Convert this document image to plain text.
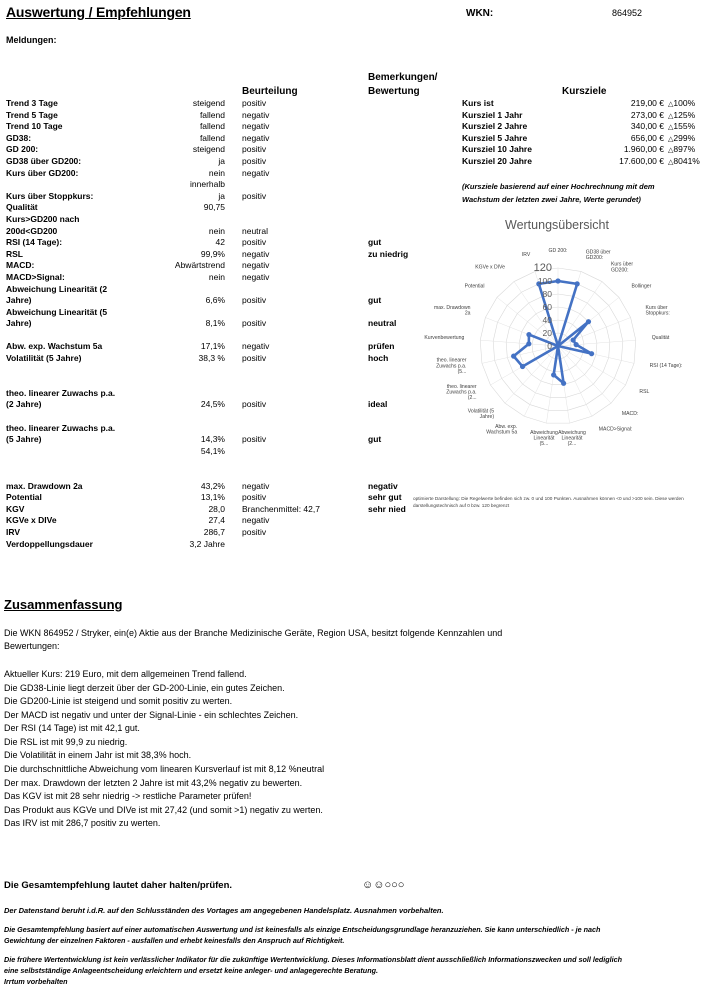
Auswertung / Empfehlungen	WKN:	864952
Meldungen:
Beurteilung
Bemerkungen/
Bewertung	Kursziele
Trend 3 Tage	steigend positiv
Trend 5 Tage	fallend negativ
Trend 10 Tage	fallend negativ
GD38:	fallend negativ
GD 200:	steigend positiv
GD38 über GD200:	ja positiv
Kurs über GD200:	nein negativ
innerhalb
Kurs über Stoppkurs:	ja positiv
Qualität	90,75
Kurs>GD200 nach
200d<GD200	nein neutral
RSI (14 Tage):	42 positiv	gut
RSL	99,9% negativ	zu niedrig
MACD:	Abwärtstrend negativ
MACD>Signal:	nein negativ
Abweichung Linearität (2
Jahre)	6,6% positiv	gut
Abweichung Linearität (5
Jahre)	8,1% positiv	neutral
Abw. exp. Wachstum 5a	17,1% negativ	prüfen
Volatilität (5 Jahre)	38,3 % positiv	hoch
theo. linearer Zuwachs p.a.
(2 Jahre)	24,5% positiv	ideal
theo. linearer Zuwachs p.a.
(5 Jahre)	14,3% positiv	gut
54,1%
max. Drawdown 2a	43,2% negativ	negativ
Potential	13,1% positiv	sehr gut
KGV	28,0 Branchenmittel: 42,7	sehr nied
KGVe x DIVe	27,4 negativ
IRV	286,7 positiv
Verdoppellungsdauer	3,2 Jahre
Kurs ist	219,00 € △100%
Kursziel 1 Jahr	273,00 € △125%
Kursziel 2 Jahre	340,00 € △155%
Kursziel 5 Jahre	656,00 € △299%
Kursziel 10 Jahre	1.960,00 € △897%
Kursziel 20 Jahre	17.600,00 € △8041%
(Kursziele basierend auf einer Hochrechnung mit dem
Wachstum der letzten zwei Jahre, Werte gerundet)
Wertungsübersicht
0
20
40
60
80
100
120
GD 200:	GD38 über GD200:
Kurs über GD200:
Bollinger
Kurs über Stoppkurs:
Qualität
RSI (14 Tage):
RSL
MACD:
MACD>Signal:
Abweichung Linearität (2...
Abweichung Linearität (5...
Abw. exp. Wachstum 5a
Volatilität (5 Jahre)
theo. linearer Zuwachs p.a. (2...
theo. linearer Zuwachs p.a. (5...
Kurvenbewertung
max. Drawdown 2a
Potential
KGVe x DIVe
IRV
optimierte Darstellung: Die Regelwerte befinden sich zw. 0 und 100 Punkten. Ausnahmen können <0 und >100 sein. Diese werden darstellungstechnisch auf 0 bzw. 120 begrenzt
Zusammenfassung
Die WKN 864952 / Stryker, ein(e) Aktie aus der Branche Medizinische Geräte, Region USA, besitzt folgende Kennzahlen und
Bewertungen:
Aktueller Kurs: 219 Euro, mit dem allgemeinen Trend fallend.
Die GD38-Linie liegt derzeit über der GD-200-Linie, ein gutes Zeichen.
Die GD200-Linie ist steigend und somit positiv zu werten.
Der MACD ist negativ und unter der Signal-Linie - ein schlechtes Zeichen.
Der RSI (14 Tage) ist mit 42,1 gut.
Die RSL ist mit 99,9 zu niedrig.
Die Volatilität in einem Jahr ist mit 38,3% hoch.
Die durchschnittliche Abweichung vom linearen Kursverlauf ist mit 8,12 %neutral
Der max. Drawdown der letzten 2 Jahre ist mit 43,2% negativ zu bewerten.
Das KGV ist mit 28 sehr niedrig -> restliche Parameter prüfen!
Das Produkt aus KGVe und DIVe ist mit 27,42 (und somit >1) negativ zu werten.
Das IRV ist mit 286,7 positiv zu werten.
Die Gesamtempfehlung lautet daher halten/prüfen.	☺☺○○○
Der Datenstand beruht i.d.R. auf den Schlusständen des Vortages am angegebenen Handelsplatz. Ausnahmen vorbehalten.
Die Gesamtempfehlung basiert auf einer automatischen Auswertung und ist keinesfalls als einzige Entscheidungsgrundlage heranzuziehen. Sie kann unterschiedlich - je nach
Gewichtung der einzelnen Faktoren - ausfallen und erhebt keinesfalls den Anspruch auf Richtigkeit.
Die frühere Wertentwicklung ist kein verlässlicher Indikator für die zukünftige Wertentwicklung. Dieses Informationsblatt dient ausschließlich Informationszwecken und soll lediglich
eine selbstständige Anlageentscheidung erleichtern und ersetzt keine anleger- und anlagegerechte Beratung.
Irrtum vorbehalten
